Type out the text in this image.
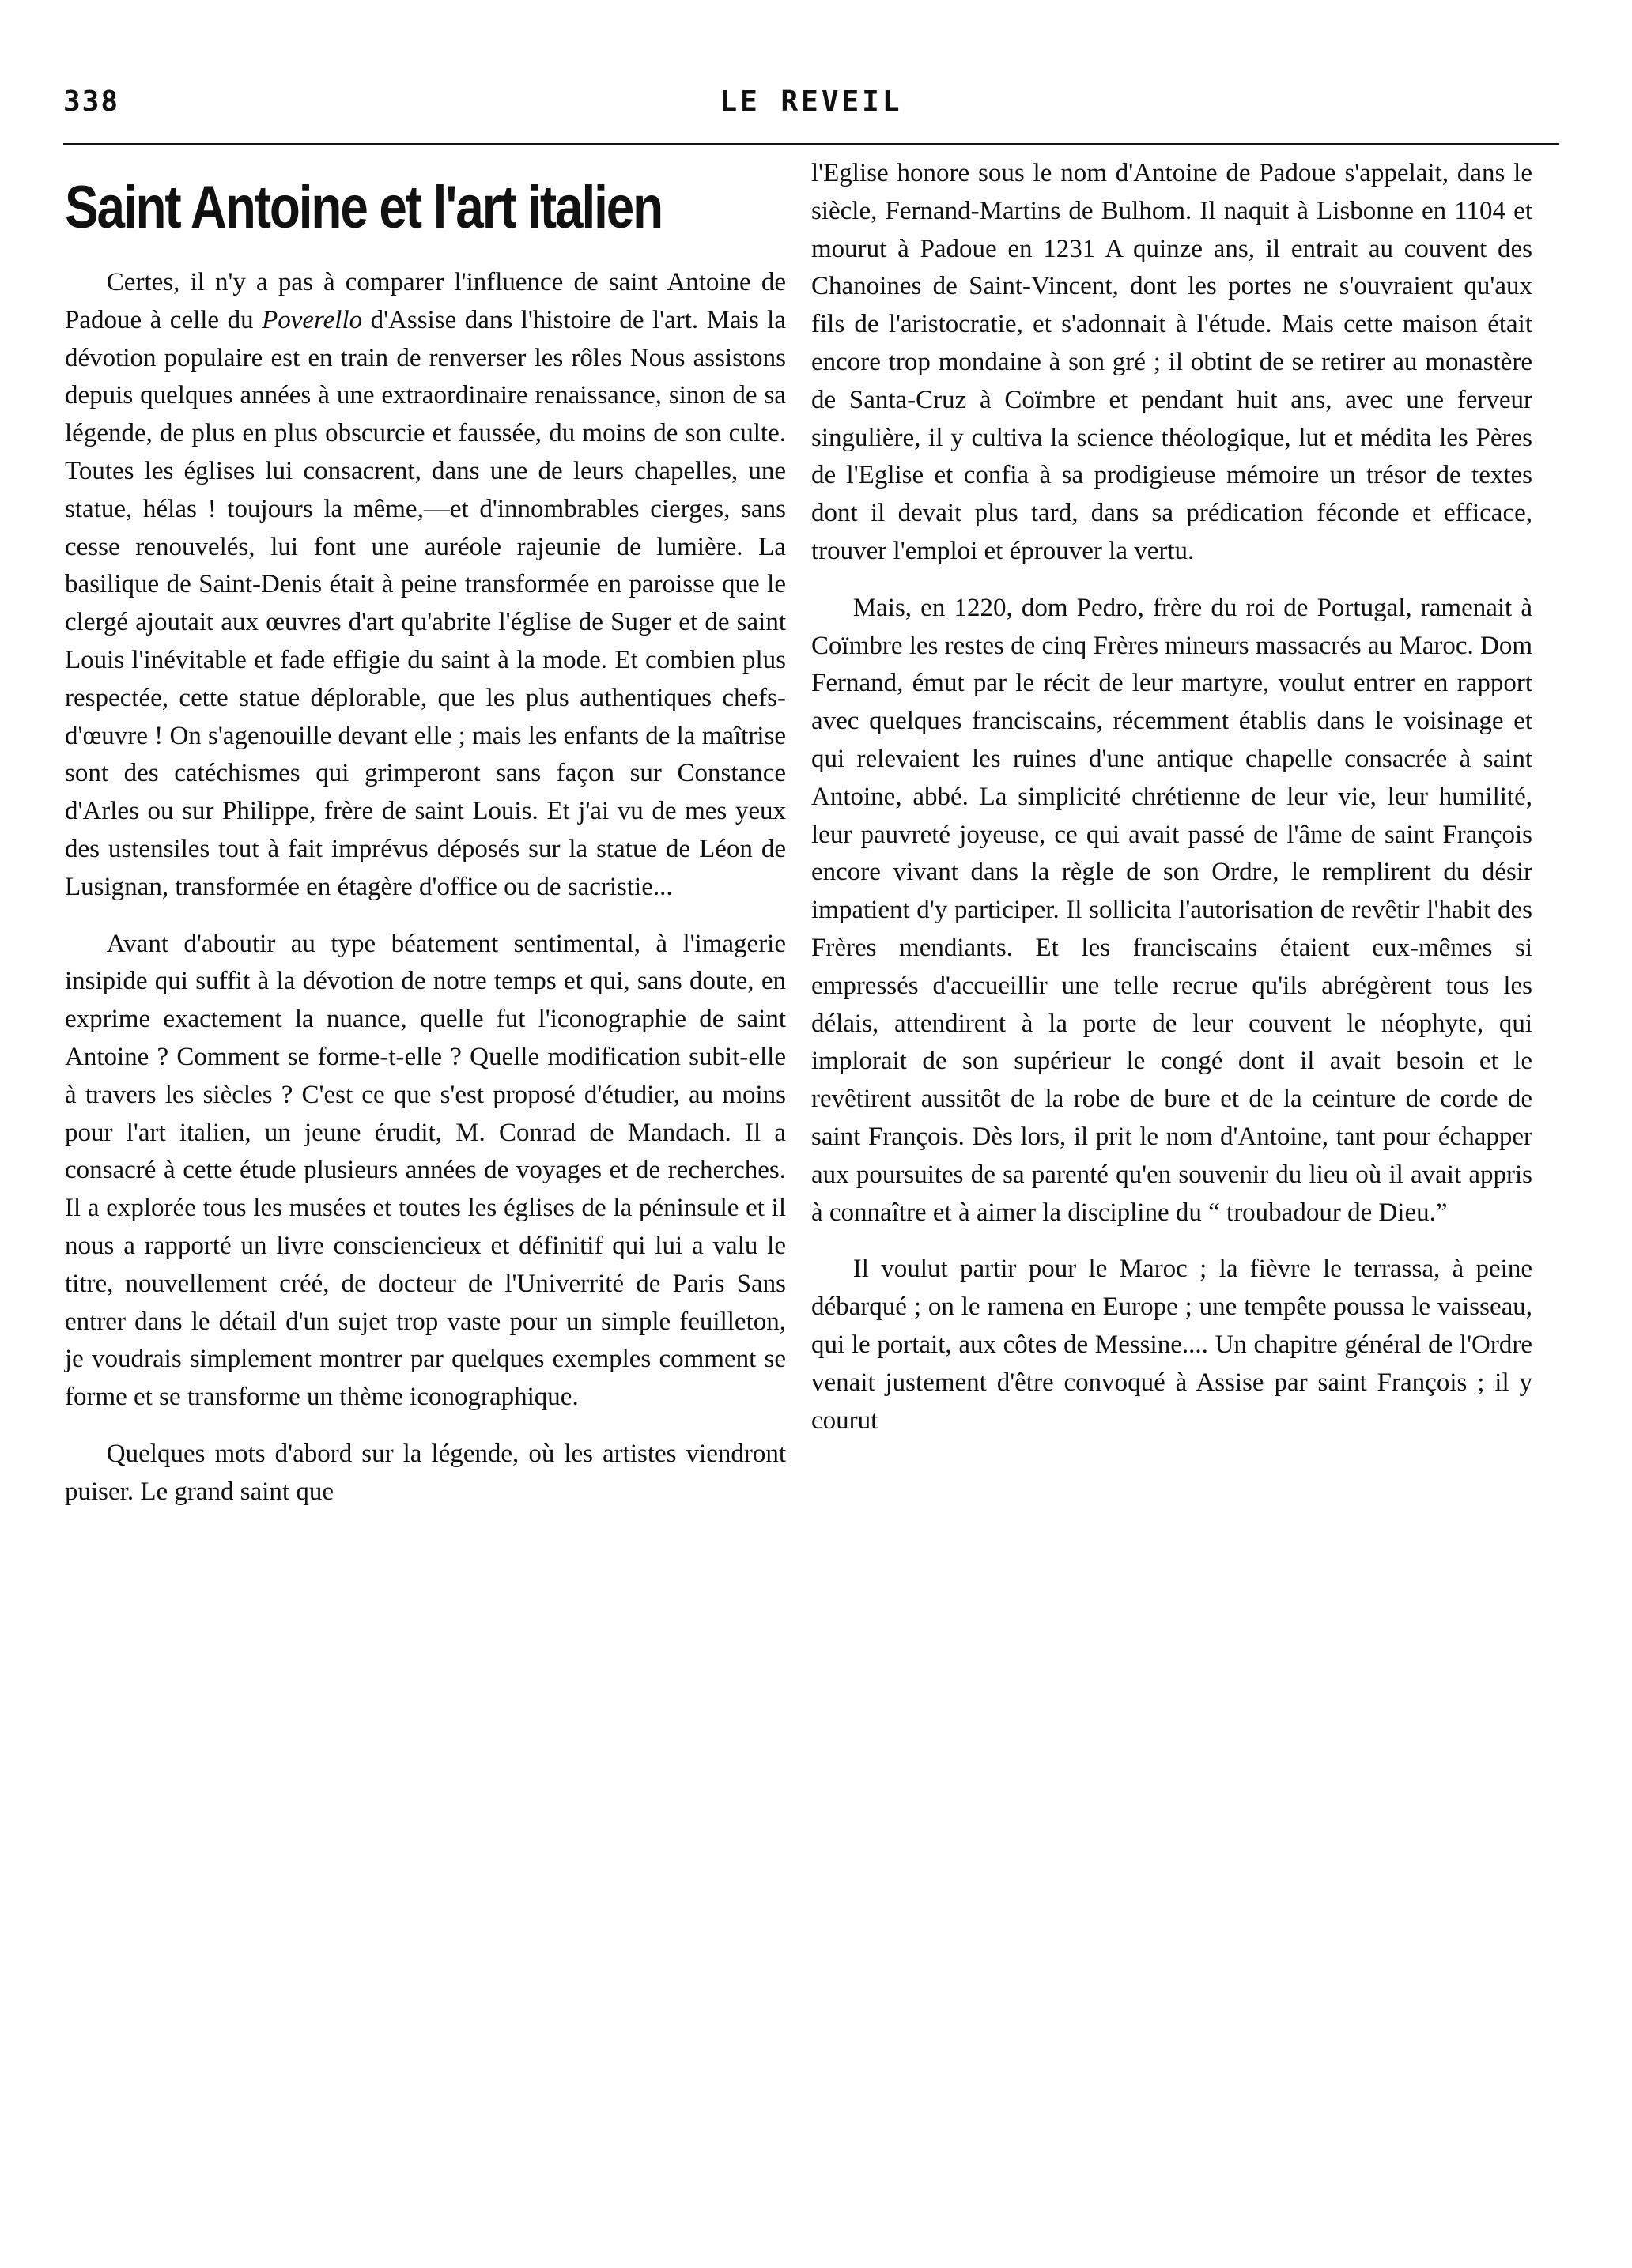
338	LE REVEIL
Saint Antoine et l'art italien

Certes, il n'y a pas à comparer l'influence de saint Antoine de Padoue à celle du Poverello d'Assise dans l'histoire de l'art. Mais la dévotion populaire est en train de renverser les rôles Nous assistons depuis quelques années à une extraordinaire renaissance, sinon de sa légende, de plus en plus obscurcie et faussée, du moins de son culte. Toutes les églises lui consacrent, dans une de leurs chapelles, une statue, hélas ! toujours la même,—et d'innombrables cierges, sans cesse renouvelés, lui font une auréole rajeunie de lumière. La basilique de Saint-Denis était à peine transformée en paroisse que le clergé ajoutait aux œuvres d'art qu'abrite l'église de Suger et de saint Louis l'inévitable et fade effigie du saint à la mode. Et combien plus respectée, cette statue déplorable, que les plus authentiques chefs-d'œuvre ! On s'agenouille devant elle ; mais les enfants de la maîtrise sont des catéchismes qui grimperont sans façon sur Constance d'Arles ou sur Philippe, frère de saint Louis. Et j'ai vu de mes yeux des ustensiles tout à fait imprévus déposés sur la statue de Léon de Lusignan, transformée en étagère d'office ou de sacristie...

Avant d'aboutir au type béatement sentimental, à l'imagerie insipide qui suffit à la dévotion de notre temps et qui, sans doute, en exprime exactement la nuance, quelle fut l'iconographie de saint Antoine ? Comment se forme-t-elle ? Quelle modification subit-elle à travers les siècles ? C'est ce que s'est proposé d'étudier, au moins pour l'art italien, un jeune érudit, M. Conrad de Mandach. Il a consacré à cette étude plusieurs années de voyages et de recherches. Il a explorée tous les musées et toutes les églises de la péninsule et il nous a rapporté un livre consciencieux et définitif qui lui a valu le titre, nouvellement créé, de docteur de l'Univerrité de Paris Sans entrer dans le détail d'un sujet trop vaste pour un simple feuilleton, je voudrais simplement montrer par quelques exemples comment se forme et se transforme un thème iconographique.

Quelques mots d'abord sur la légende, où les artistes viendront puiser. Le grand saint que

l'Eglise honore sous le nom d'Antoine de Padoue s'appelait, dans le siècle, Fernand-Martins de Bulhom. Il naquit à Lisbonne en 1104 et mourut à Padoue en 1231 A quinze ans, il entrait au couvent des Chanoines de Saint-Vincent, dont les portes ne s'ouvraient qu'aux fils de l'aristocratie, et s'adonnait à l'étude. Mais cette maison était encore trop mondaine à son gré ; il obtint de se retirer au monastère de Santa-Cruz à Coïmbre et pendant huit ans, avec une ferveur singulière, il y cultiva la science théologique, lut et médita les Pères de l'Eglise et confia à sa prodigieuse mémoire un trésor de textes dont il devait plus tard, dans sa prédication féconde et efficace, trouver l'emploi et éprouver la vertu.

Mais, en 1220, dom Pedro, frère du roi de Portugal, ramenait à Coïmbre les restes de cinq Frères mineurs massacrés au Maroc. Dom Fernand, émut par le récit de leur martyre, voulut entrer en rapport avec quelques franciscains, récemment établis dans le voisinage et qui relevaient les ruines d'une antique chapelle consacrée à saint Antoine, abbé. La simplicité chrétienne de leur vie, leur humilité, leur pauvreté joyeuse, ce qui avait passé de l'âme de saint François encore vivant dans la règle de son Ordre, le remplirent du désir impatient d'y participer. Il sollicita l'autorisation de revêtir l'habit des Frères mendiants. Et les franciscains étaient eux-mêmes si empressés d'accueillir une telle recrue qu'ils abrégèrent tous les délais, attendirent à la porte de leur couvent le néophyte, qui implorait de son supérieur le congé dont il avait besoin et le revêtirent aussitôt de la robe de bure et de la ceinture de corde de saint François. Dès lors, il prit le nom d'Antoine, tant pour échapper aux poursuites de sa parenté qu'en souvenir du lieu où il avait appris à connaître et à aimer la discipline du “ troubadour de Dieu.”

Il voulut partir pour le Maroc ; la fièvre le terrassa, à peine débarqué ; on le ramena en Europe ; une tempête poussa le vaisseau, qui le portait, aux côtes de Messine.... Un chapitre général de l'Ordre venait justement d'être convoqué à Assise par saint François ; il y courut
